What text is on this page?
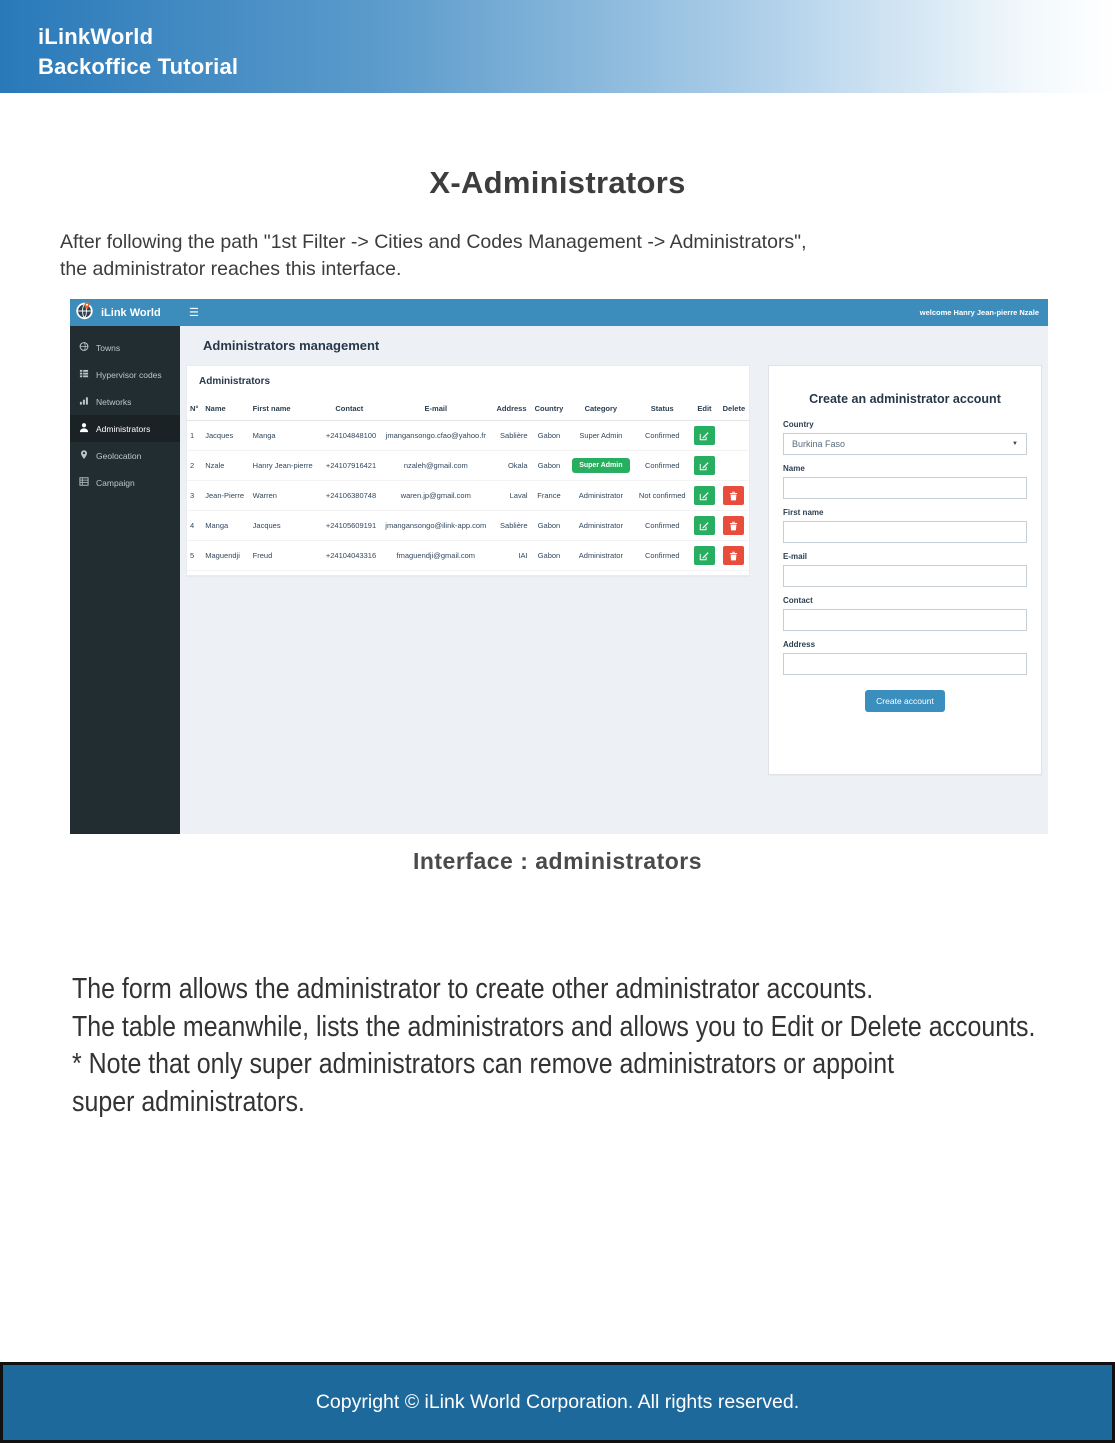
iLinkWorld
Backoffice Tutorial
X-Administrators
After following the path "1st Filter -> Cities and Codes Management -> Administrators",
the administrator reaches this interface.
iLink World
Towns
Hypervisor codes
Networks
Administrators
Geolocation
Campaign
☰	welcome Hanry Jean-pierre Nzale
Administrators management
Administrators
N°	Name	First name	Contact	E-mail	Address	Country	Category	Status	Edit	Delete
1	Jacques	Manga	+24104848100	jmangansongo.cfao@yahoo.fr	Sablière	Gabon	Super Admin	Confirmed	

2	Nzale	Hanry Jean-pierre	+24107916421	nzaleh@gmail.com	Okala	Gabon	Super Admin	Confirmed	

3	Jean-Pierre	Warren	+24106380748	waren.jp@gmail.com	Laval	France	Administrator	Not confirmed	

4	Manga	Jacques	+24105609191	jmangansongo@ilink-app.com	Sablière	Gabon	Administrator	Confirmed	

5	Maguendji	Freud	+24104043316	fmaguendji@gmail.com	IAI	Gabon	Administrator	Confirmed	

Create an administrator account
Country
Burkina Faso	▼
Name
First name
E-mail
Contact
Address
Create account
Interface : administrators
The form allows the administrator to create other administrator accounts.
The table meanwhile, lists the administrators and allows you to Edit or Delete accounts.
* Note that only super administrators can remove administrators or appoint
super administrators.
Copyright © iLink World Corporation. All rights reserved.
